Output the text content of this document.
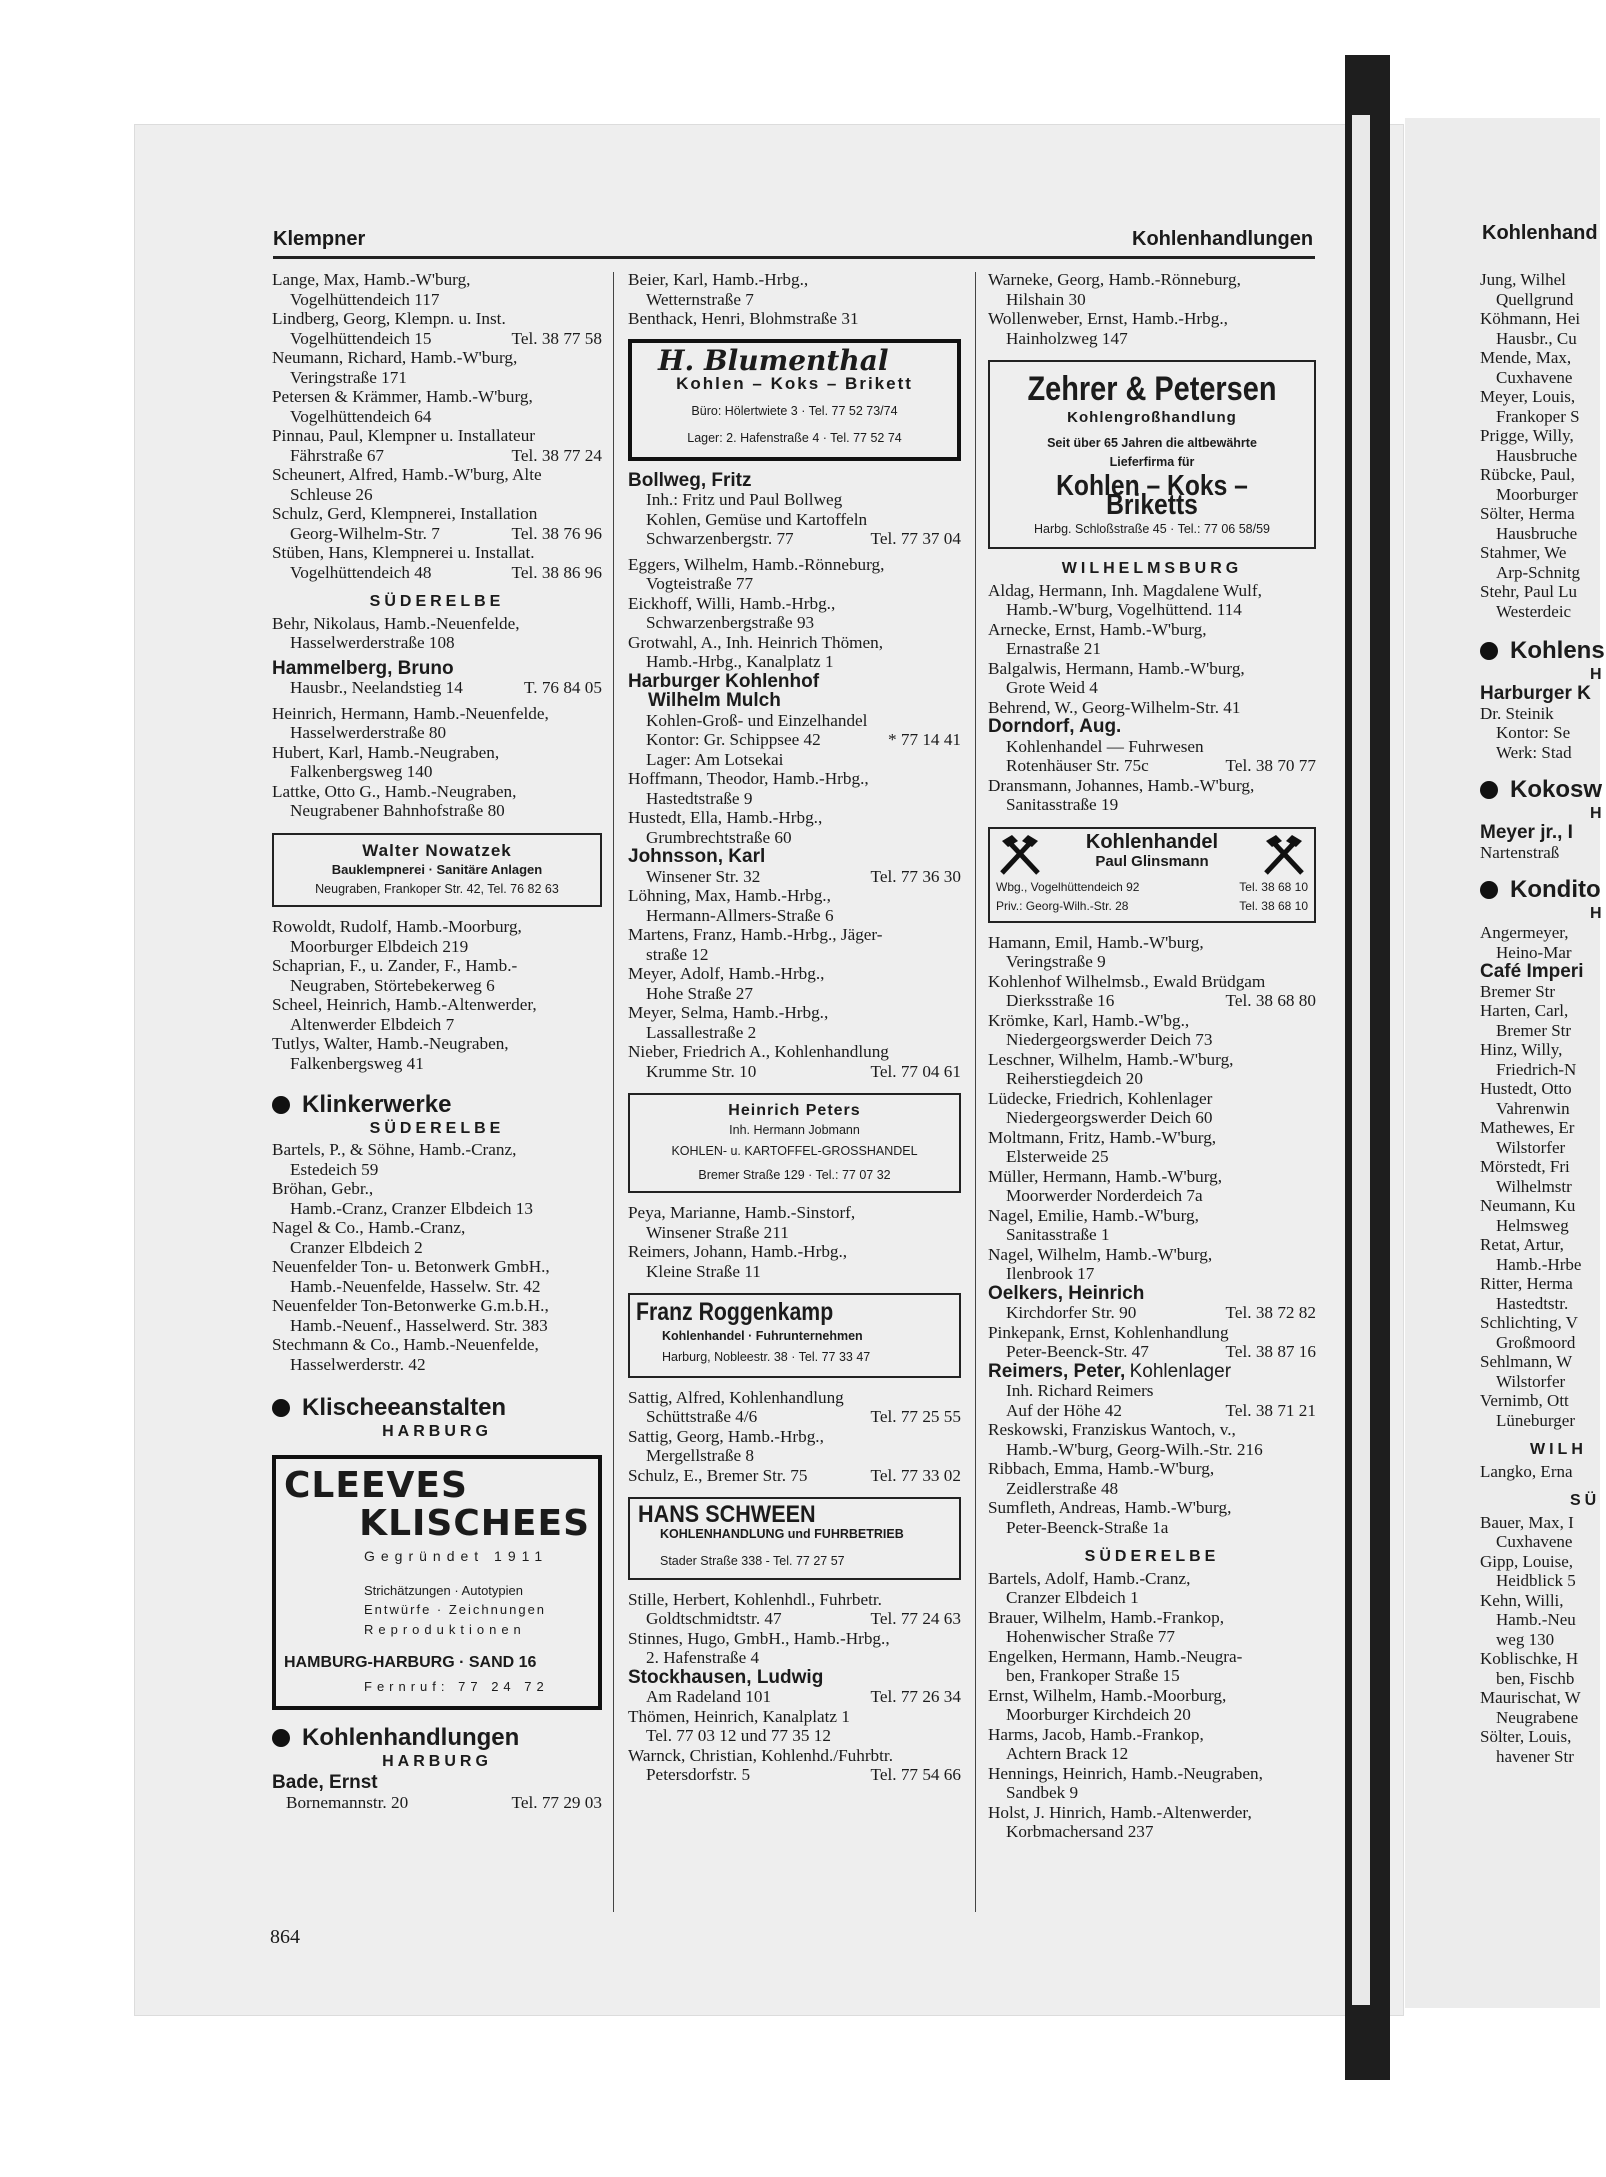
Klempner	Kohlenhandlungen	Kohlenhand
Lange, Max, Hamb.-W'burg,
Vogelhüttendeich 117
Lindberg, Georg, Klempn. u. Inst.
Vogelhüttendeich 15	Tel. 38 77 58
Neumann, Richard, Hamb.-W'burg,
Veringstraße 171
Petersen & Krämmer, Hamb.-W'burg,
Vogelhüttendeich 64
Pinnau, Paul, Klempner u. Installateur
Fährstraße 67	Tel. 38 77 24
Scheunert, Alfred, Hamb.-W'burg, Alte
Schleuse 26
Schulz, Gerd, Klempnerei, Installation
Georg-Wilhelm-Str. 7	Tel. 38 76 96
Stüben, Hans, Klempnerei u. Installat.
Vogelhüttendeich 48	Tel. 38 86 96
SÜDERELBE
Behr, Nikolaus, Hamb.-Neuenfelde,
Hasselwerderstraße 108
Hammelberg, Bruno
Hausbr., Neelandstieg 14	T. 76 84 05
Heinrich, Hermann, Hamb.-Neuenfelde,
Hasselwerderstraße 80
Hubert, Karl, Hamb.-Neugraben,
Falkenbergsweg 140
Lattke, Otto G., Hamb.-Neugraben,
Neugrabener Bahnhofstraße 80
Walter Nowatzek
Bauklempnerei · Sanitäre Anlagen
Neugraben, Frankoper Str. 42, Tel. 76 82 63
Rowoldt, Rudolf, Hamb.-Moorburg,
Moorburger Elbdeich 219
Schaprian, F., u. Zander, F., Hamb.-
Neugraben, Störtebekerweg 6
Scheel, Heinrich, Hamb.-Altenwerder,
Altenwerder Elbdeich 7
Tutlys, Walter, Hamb.-Neugraben,
Falkenbergsweg 41
Klinkerwerke
SÜDERELBE
Bartels, P., & Söhne, Hamb.-Cranz,
Estedeich 59
Bröhan, Gebr.,
Hamb.-Cranz, Cranzer Elbdeich 13
Nagel & Co., Hamb.-Cranz,
Cranzer Elbdeich 2
Neuenfelder Ton- u. Betonwerk GmbH.,
Hamb.-Neuenfelde, Hasselw. Str. 42
Neuenfelder Ton-Betonwerke G.m.b.H.,
Hamb.-Neuenf., Hasselwerd. Str. 383
Stechmann & Co., Hamb.-Neuenfelde,
Hasselwerderstr. 42
Klischeeanstalten
HARBURG
CLEEVES
KLISCHEES
Gegründet 1911
Strichätzungen · Autotypien
Entwürfe · Zeichnungen
Reproduktionen
HAMBURG-HARBURG · SAND 16
Fernruf: 77 24 72
Kohlenhandlungen
HARBURG
Bade, Ernst
Bornemannstr. 20	Tel. 77 29 03
864
Beier, Karl, Hamb.-Hrbg.,
Wetternstraße 7
Benthack, Henri, Blohmstraße 31
H. Blumenthal
Kohlen – Koks – Brikett
Büro: Hölertwiete 3 · Tel. 77 52 73/74
Lager: 2. Hafenstraße 4 · Tel. 77 52 74
Bollweg, Fritz
Inh.: Fritz und Paul Bollweg
Kohlen, Gemüse und Kartoffeln
Schwarzenbergstr. 77	Tel. 77 37 04
Eggers, Wilhelm, Hamb.-Rönneburg,
Vogteistraße 77
Eickhoff, Willi, Hamb.-Hrbg.,
Schwarzenbergstraße 93
Grotwahl, A., Inh. Heinrich Thömen,
Hamb.-Hrbg., Kanalplatz 1
Harburger Kohlenhof
Wilhelm Mulch
Kohlen-Groß- und Einzelhandel
Kontor: Gr. Schippsee 42	* 77 14 41
Lager: Am Lotsekai
Hoffmann, Theodor, Hamb.-Hrbg.,
Hastedtstraße 9
Hustedt, Ella, Hamb.-Hrbg.,
Grumbrechtstraße 60
Johnsson, Karl
Winsener Str. 32	Tel. 77 36 30
Löhning, Max, Hamb.-Hrbg.,
Hermann-Allmers-Straße 6
Martens, Franz, Hamb.-Hrbg., Jäger-
straße 12
Meyer, Adolf, Hamb.-Hrbg.,
Hohe Straße 27
Meyer, Selma, Hamb.-Hrbg.,
Lassallestraße 2
Nieber, Friedrich A., Kohlenhandlung
Krumme Str. 10	Tel. 77 04 61
Heinrich Peters
Inh. Hermann Jobmann
KOHLEN- u. KARTOFFEL-GROSSHANDEL
Bremer Straße 129 · Tel.: 77 07 32
Peya, Marianne, Hamb.-Sinstorf,
Winsener Straße 211
Reimers, Johann, Hamb.-Hrbg.,
Kleine Straße 11
Franz Roggenkamp
Kohlenhandel · Fuhrunternehmen
Harburg, Nobleestr. 38 · Tel. 77 33 47
Sattig, Alfred, Kohlenhandlung
Schüttstraße 4/6	Tel. 77 25 55
Sattig, Georg, Hamb.-Hrbg.,
Mergellstraße 8
Schulz, E., Bremer Str. 75	Tel. 77 33 02
HANS SCHWEEN
KOHLENHANDLUNG und FUHRBETRIEB
Stader Straße 338 - Tel. 77 27 57
Stille, Herbert, Kohlenhdl., Fuhrbetr.
Goldtschmidtstr. 47	Tel. 77 24 63
Stinnes, Hugo, GmbH., Hamb.-Hrbg.,
2. Hafenstraße 4
Stockhausen, Ludwig
Am Radeland 101	Tel. 77 26 34
Thömen, Heinrich, Kanalplatz 1
Tel. 77 03 12 und 77 35 12
Warnck, Christian, Kohlenhd./Fuhrbtr.
Petersdorfstr. 5	Tel. 77 54 66
Warneke, Georg, Hamb.-Rönneburg,
Hilshain 30
Wollenweber, Ernst, Hamb.-Hrbg.,
Hainholzweg 147
Zehrer & Petersen
Kohlengroßhandlung
Seit über 65 Jahren die altbewährte
Lieferfirma für
Kohlen – Koks – Briketts
Harbg. Schloßstraße 45 · Tel.: 77 06 58/59
WILHELMSBURG
Aldag, Hermann, Inh. Magdalene Wulf,
Hamb.-W'burg, Vogelhüttend. 114
Arnecke, Ernst, Hamb.-W'burg,
Ernastraße 21
Balgalwis, Hermann, Hamb.-W'burg,
Grote Weid 4
Behrend, W., Georg-Wilhelm-Str. 41
Dorndorf, Aug.
Kohlenhandel — Fuhrwesen
Rotenhäuser Str. 75c	Tel. 38 70 77
Dransmann, Johannes, Hamb.-W'burg,
Sanitasstraße 19
Kohlenhandel
Paul Glinsmann
Wbg., Vogelhüttendeich 92	Tel. 38 68 10
Priv.: Georg-Wilh.-Str. 28	Tel. 38 68 10
Hamann, Emil, Hamb.-W'burg,
Veringstraße 9
Kohlenhof Wilhelmsb., Ewald Brüdgam
Dierksstraße 16	Tel. 38 68 80
Krömke, Karl, Hamb.-W'bg.,
Niedergeorgswerder Deich 73
Leschner, Wilhelm, Hamb.-W'burg,
Reiherstiegdeich 20
Lüdecke, Friedrich, Kohlenlager
Niedergeorgswerder Deich 60
Moltmann, Fritz, Hamb.-W'burg,
Elsterweide 25
Müller, Hermann, Hamb.-W'burg,
Moorwerder Norderdeich 7a
Nagel, Emilie, Hamb.-W'burg,
Sanitasstraße 1
Nagel, Wilhelm, Hamb.-W'burg,
Ilenbrook 17
Oelkers, Heinrich
Kirchdorfer Str. 90	Tel. 38 72 82
Pinkepank, Ernst, Kohlenhandlung
Peter-Beenck-Str. 47	Tel. 38 87 16
Reimers, Peter, Kohlenlager
Inh. Richard Reimers
Auf der Höhe 42	Tel. 38 71 21
Reskowski, Franziskus Wantoch, v.,
Hamb.-W'burg, Georg-Wilh.-Str. 216
Ribbach, Emma, Hamb.-W'burg,
Zeidlerstraße 48
Sumfleth, Andreas, Hamb.-W'burg,
Peter-Beenck-Straße 1a
SÜDERELBE
Bartels, Adolf, Hamb.-Cranz,
Cranzer Elbdeich 1
Brauer, Wilhelm, Hamb.-Frankop,
Hohenwischer Straße 77
Engelken, Hermann, Hamb.-Neugra-
ben, Frankoper Straße 15
Ernst, Wilhelm, Hamb.-Moorburg,
Moorburger Kirchdeich 20
Harms, Jacob, Hamb.-Frankop,
Achtern Brack 12
Hennings, Heinrich, Hamb.-Neugraben,
Sandbek 9
Holst, J. Hinrich, Hamb.-Altenwerder,
Korbmachersand 237
Jung, Wilhel
Quellgrund
Köhmann, Hei
Hausbr., Cu
Mende, Max,
Cuxhavene
Meyer, Louis,
Frankoper S
Prigge, Willy,
Hausbruche
Rübcke, Paul,
Moorburger
Sölter, Herma
Hausbruche
Stahmer, We
Arp-Schnitg
Stehr, Paul Lu
Westerdeic
Kohlens
H
Harburger K
Dr. Steinik
Kontor: Se
Werk: Stad
Kokosw
H
Meyer jr., I
Nartenstraß
Kondito
H
Angermeyer,
Heino-Mar
Café Imperi
Bremer Str
Harten, Carl,
Bremer Str
Hinz, Willy,
Friedrich-N
Hustedt, Otto
Vahrenwin
Mathewes, Er
Wilstorfer
Mörstedt, Fri
Wilhelmstr
Neumann, Ku
Helmsweg
Retat, Artur,
Hamb.-Hrbe
Ritter, Herma
Hastedtstr.
Schlichting, V
Großmoord
Sehlmann, W
Wilstorfer
Vernimb, Ott
Lüneburger
WILH
Langko, Erna
SÜ
Bauer, Max, I
Cuxhavene
Gipp, Louise,
Heidblick 5
Kehn, Willi,
Hamb.-Neu
weg 130
Koblischke, H
ben, Fischb
Maurischat, W
Neugrabene
Sölter, Louis,
havener Str
